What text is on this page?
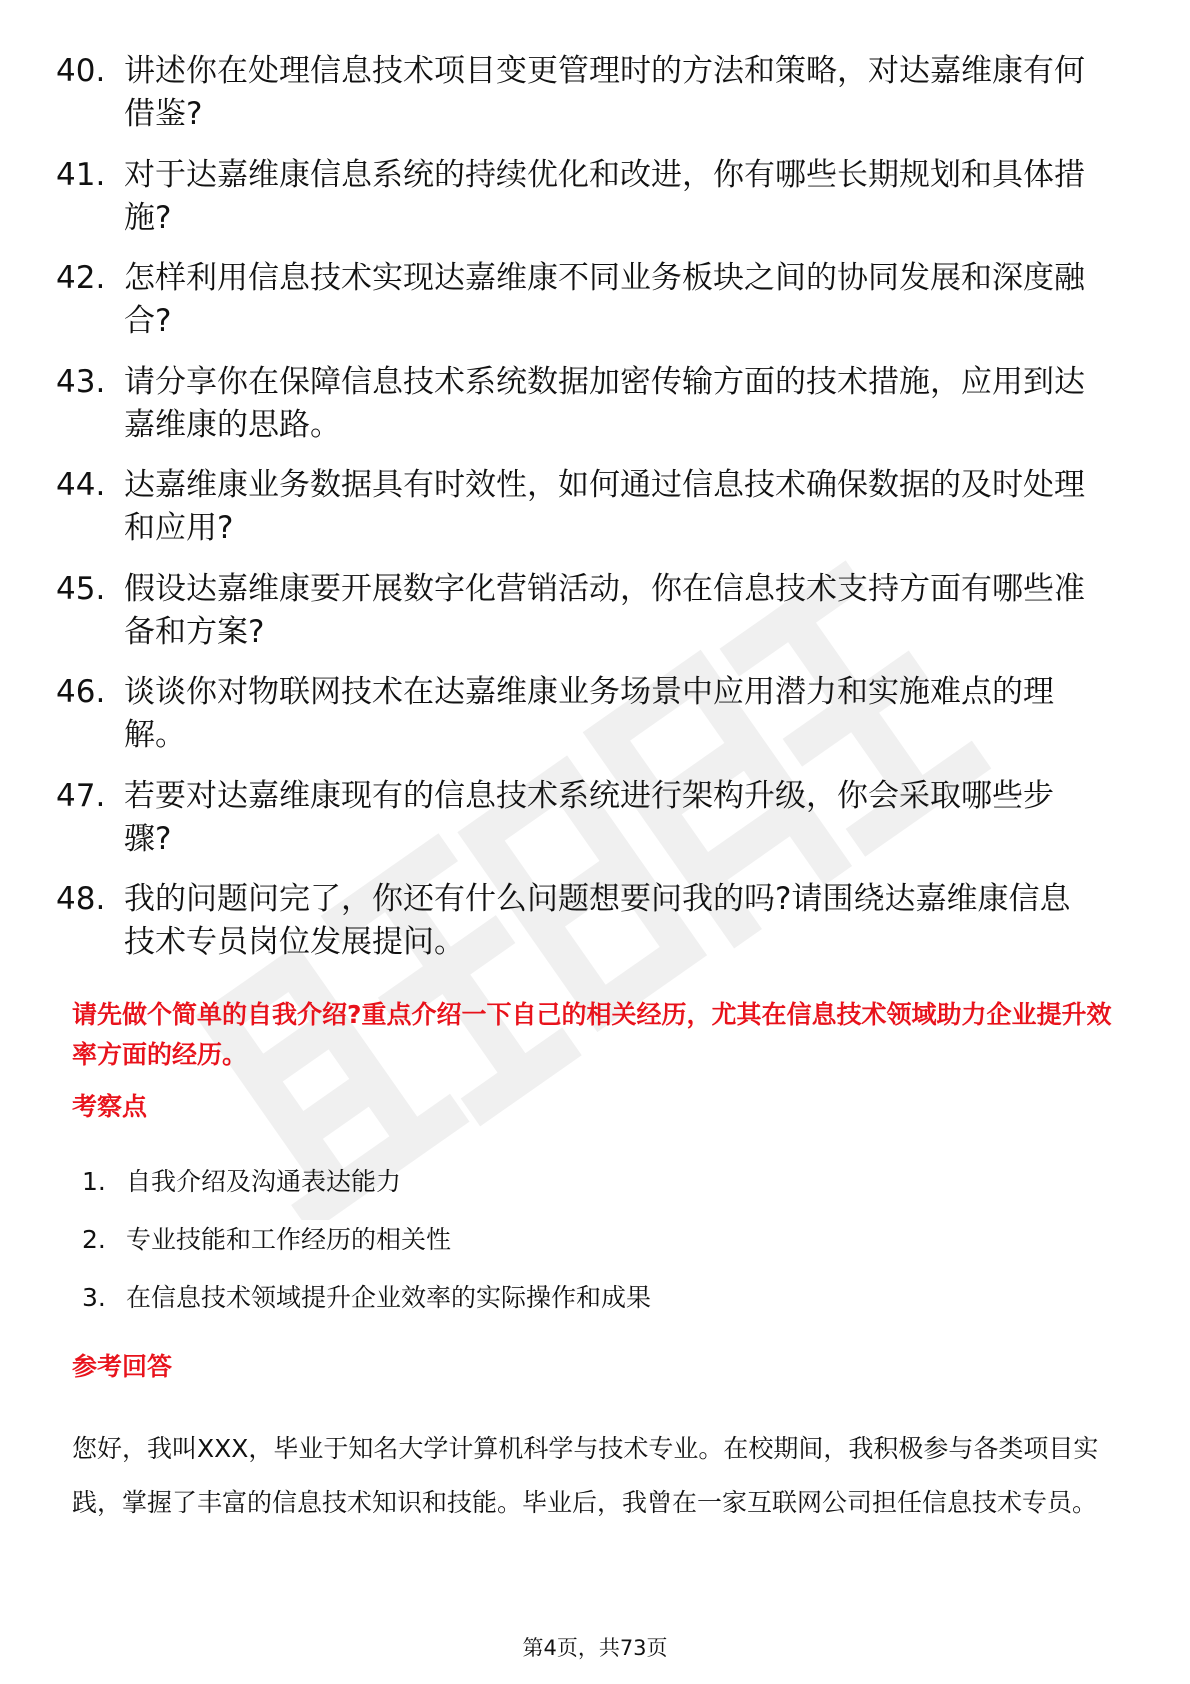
40. 讲述你在处理信息技术项目变更管理时的方法和策略，对达嘉维康有何借鉴?
41. 对于达嘉维康信息系统的持续优化和改进，你有哪些长期规划和具体措施?
42. 怎样利用信息技术实现达嘉维康不同业务板块之间的协同发展和深度融合?
43. 请分享你在保障信息技术系统数据加密传输方面的技术措施，应用到达嘉维康的思路。
44. 达嘉维康业务数据具有时效性，如何通过信息技术确保数据的及时处理和应用?
45. 假设达嘉维康要开展数字化营销活动，你在信息技术支持方面有哪些准备和方案?
46. 谈谈你对物联网技术在达嘉维康业务场景中应用潜力和实施难点的理解。
47. 若要对达嘉维康现有的信息技术系统进行架构升级，你会采取哪些步骤?
48. 我的问题问完了，你还有什么问题想要问我的吗?请围绕达嘉维康信息技术专员岗位发展提问。

请先做个简单的自我介绍?重点介绍一下自己的相关经历，尤其在信息技术领域助力企业提升效率方面的经历。

考察点
1. 自我介绍及沟通表达能力
2. 专业技能和工作经历的相关性
3. 在信息技术领域提升企业效率的实际操作和成果
参考回答

您好，我叫XXX，毕业于知名大学计算机科学与技术专业。在校期间，我积极参与各类项目实践，掌握了丰富的信息技术知识和技能。毕业后，我曾在一家互联网公司担任信息技术专员。

第4页，共73页
